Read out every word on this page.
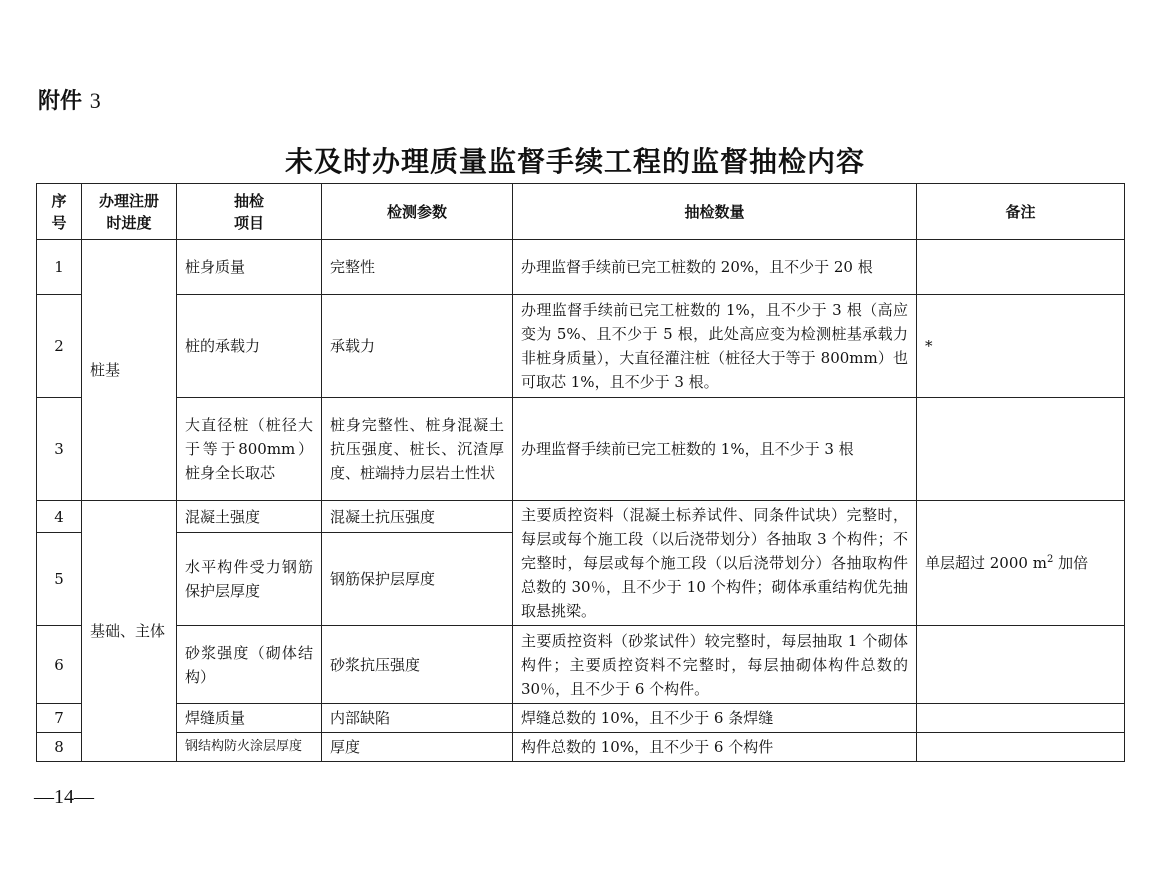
附件 3
未及时办理质量监督手续工程的监督抽检内容
序号	办理注册时进度	抽检项目	检测参数	抽检数量	备注
1	桩基	桩身质量	完整性	办理监督手续前已完工桩数的 20%，且不少于 20 根	
2		桩的承载力	承载力	办理监督手续前已完工桩数的 1%，且不少于 3 根（高应变为 5%、且不少于 5 根，此处高应变为检测桩基承载力非桩身质量），大直径灌注桩（桩径大于等于 800mm）也可取芯 1%，且不少于 3 根。	*
3		大直径桩（桩径大于等于800mm）桩身全长取芯	桩身完整性、桩身混凝土抗压强度、桩长、沉渣厚度、桩端持力层岩土性状	办理监督手续前已完工桩数的 1%，且不少于 3 根	
4	基础、主体	混凝土强度	混凝土抗压强度	主要质控资料（混凝土标养试件、同条件试块）完整时，每层或每个施工段（以后浇带划分）各抽取 3 个构件；不完整时，每层或每个施工段（以后浇带划分）各抽取构件总数的 30％，且不少于 10 个构件；砌体承重结构优先抽取悬挑梁。	单层超过 2000 $m^2$ 加倍
5		水平构件受力钢筋保护层厚度	钢筋保护层厚度		
6		砂浆强度（砌体结构）	砂浆抗压强度	主要质控资料（砂浆试件）较完整时，每层抽取 1 个砌体构件；主要质控资料不完整时，每层抽砌体构件总数的 30％，且不少于 6 个构件。	
7		焊缝质量	内部缺陷	焊缝总数的 10%，且不少于 6 条焊缝	
8		钢结构防火涂层厚度	厚度	构件总数的 10%，且不少于 6 个构件	
—14—
